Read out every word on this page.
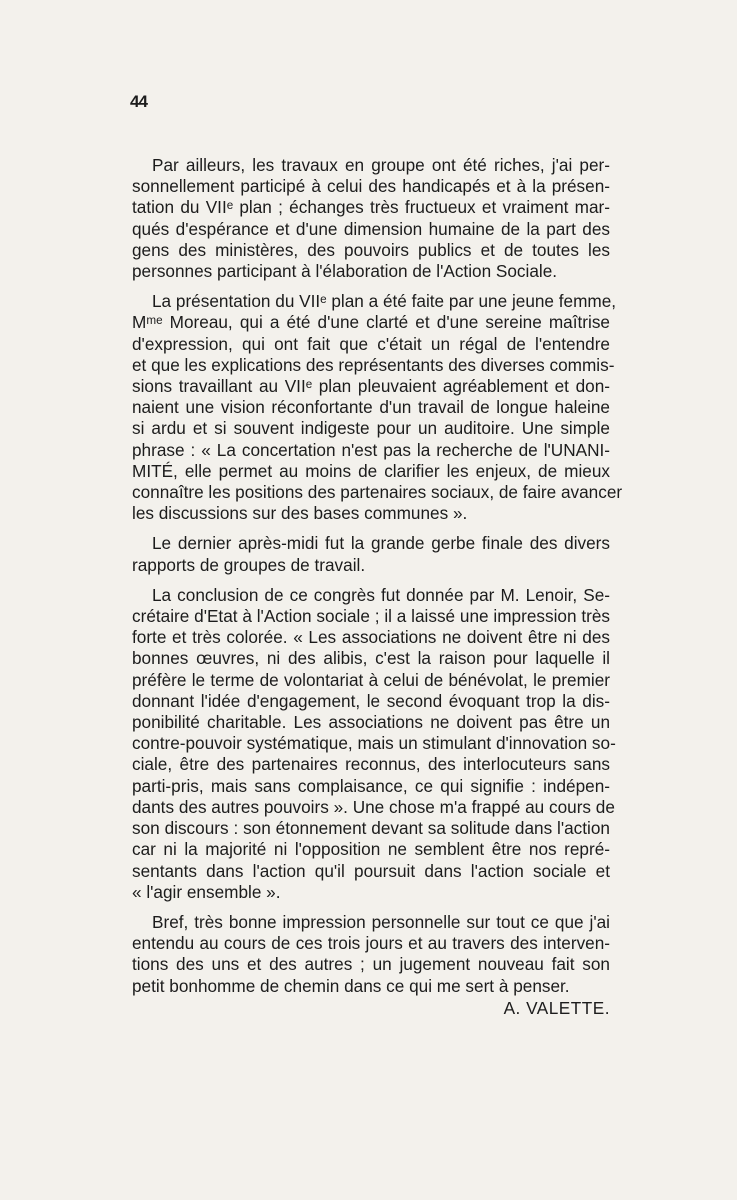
44

Par ailleurs, les travaux en groupe ont été riches, j'ai per-
sonnellement participé à celui des handicapés et à la présen-
tation du VIIᵉ plan ; échanges très fructueux et vraiment mar-
qués d'espérance et d'une dimension humaine de la part des
gens des ministères, des pouvoirs publics et de toutes les
personnes participant à l'élaboration de l'Action Sociale.

La présentation du VIIᵉ plan a été faite par une jeune femme,
Mᵐᵉ Moreau, qui a été d'une clarté et d'une sereine maîtrise
d'expression, qui ont fait que c'était un régal de l'entendre
et que les explications des représentants des diverses commis-
sions travaillant au VIIᵉ plan pleuvaient agréablement et don-
naient une vision réconfortante d'un travail de longue haleine
si ardu et si souvent indigeste pour un auditoire. Une simple
phrase : « La concertation n'est pas la recherche de l'UNANI-
MITÉ, elle permet au moins de clarifier les enjeux, de mieux
connaître les positions des partenaires sociaux, de faire avancer
les discussions sur des bases communes ».

Le dernier après-midi fut la grande gerbe finale des divers
rapports de groupes de travail.

La conclusion de ce congrès fut donnée par M. Lenoir, Se-
crétaire d'Etat à l'Action sociale ; il a laissé une impression très
forte et très colorée. « Les associations ne doivent être ni des
bonnes œuvres, ni des alibis, c'est la raison pour laquelle il
préfère le terme de volontariat à celui de bénévolat, le premier
donnant l'idée d'engagement, le second évoquant trop la dis-
ponibilité charitable. Les associations ne doivent pas être un
contre-pouvoir systématique, mais un stimulant d'innovation so-
ciale, être des partenaires reconnus, des interlocuteurs sans
parti-pris, mais sans complaisance, ce qui signifie : indépen-
dants des autres pouvoirs ». Une chose m'a frappé au cours de
son discours : son étonnement devant sa solitude dans l'action
car ni la majorité ni l'opposition ne semblent être nos repré-
sentants dans l'action qu'il poursuit dans l'action sociale et
« l'agir ensemble ».

Bref, très bonne impression personnelle sur tout ce que j'ai
entendu au cours de ces trois jours et au travers des interven-
tions des uns et des autres ; un jugement nouveau fait son
petit bonhomme de chemin dans ce qui me sert à penser.

A. VALETTE.
